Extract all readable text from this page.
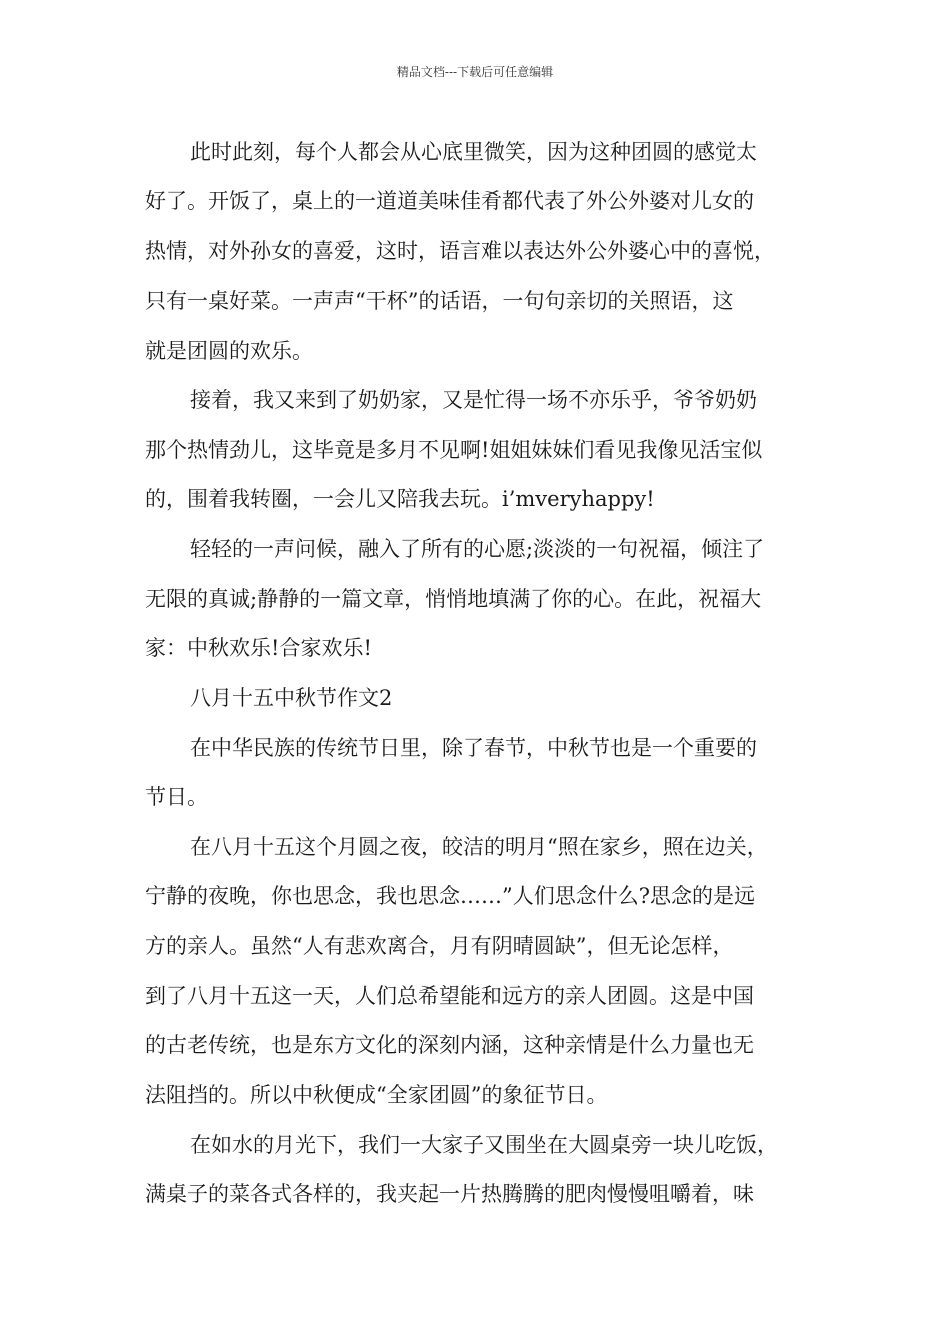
精品文档---下载后可任意编辑
此时此刻，每个人都会从心底里微笑，因为这种团圆的感觉太
好了。开饭了，桌上的一道道美味佳肴都代表了外公外婆对儿女的
热情，对外孙女的喜爱，这时，语言难以表达外公外婆心中的喜悦，
只有一桌好菜。一声声“干杯”的话语，一句句亲切的关照语，这
就是团圆的欢乐。
接着，我又来到了奶奶家，又是忙得一场不亦乐乎，爷爷奶奶
那个热情劲儿，这毕竟是多月不见啊!姐姐妹妹们看见我像见活宝似
的，围着我转圈，一会儿又陪我去玩。i’mveryhappy!
轻轻的一声问候，融入了所有的心愿;淡淡的一句祝福，倾注了
无限的真诚;静静的一篇文章，悄悄地填满了你的心。在此，祝福大
家：中秋欢乐!合家欢乐!
八月十五中秋节作文2
在中华民族的传统节日里，除了春节，中秋节也是一个重要的
节日。
在八月十五这个月圆之夜，皎洁的明月“照在家乡，照在边关，
宁静的夜晚，你也思念，我也思念……”人们思念什么?思念的是远
方的亲人。虽然“人有悲欢离合，月有阴晴圆缺”，但无论怎样，
到了八月十五这一天，人们总希望能和远方的亲人团圆。这是中国
的古老传统，也是东方文化的深刻内涵，这种亲情是什么力量也无
法阻挡的。所以中秋便成“全家团圆”的象征节日。
在如水的月光下，我们一大家子又围坐在大圆桌旁一块儿吃饭，
满桌子的菜各式各样的，我夹起一片热腾腾的肥肉慢慢咀嚼着，味
